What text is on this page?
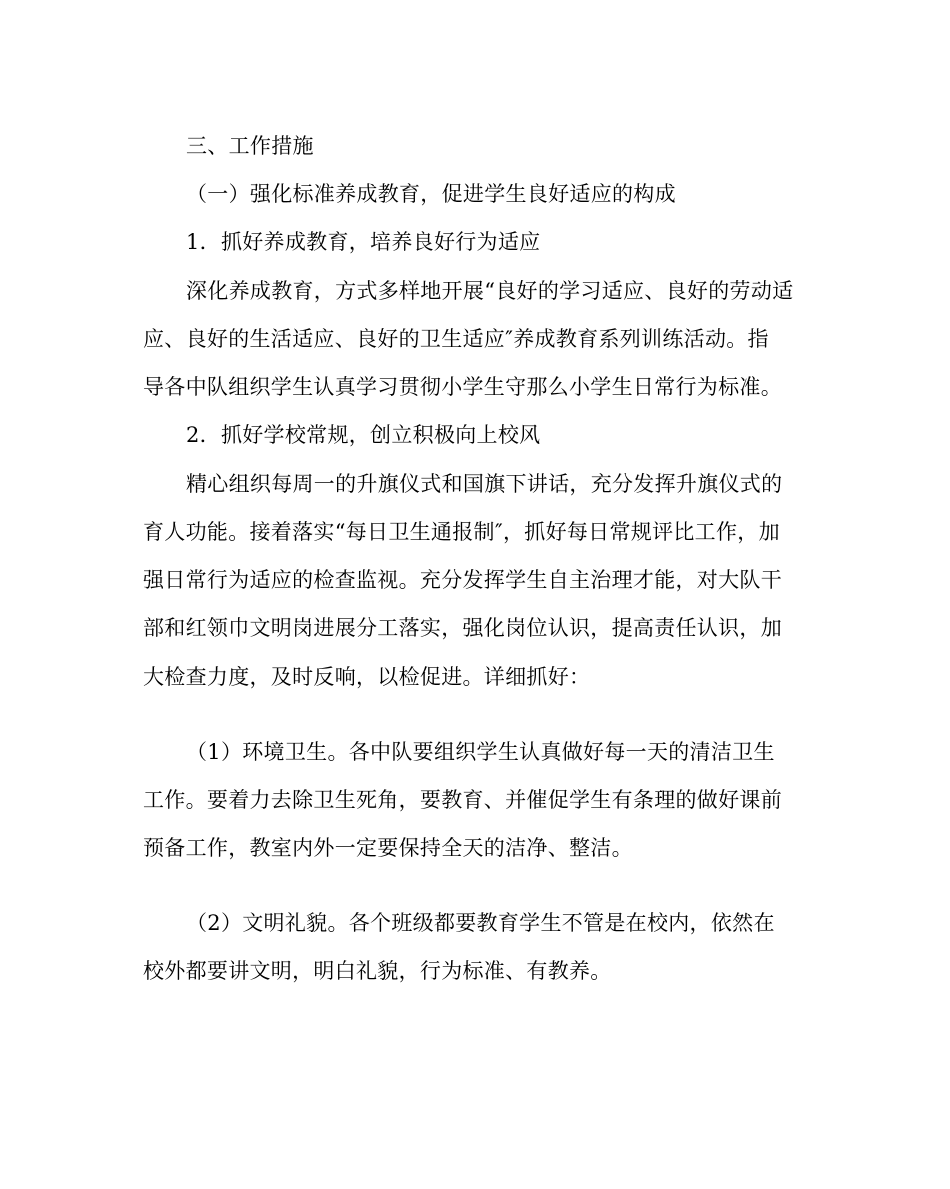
三、工作措施
（一）强化标准养成教育，促进学生良好适应的构成
1．抓好养成教育，培养良好行为适应
深化养成教育，方式多样地开展“良好的学习适应、良好的劳动适
应、良好的生活适应、良好的卫生适应″养成教育系列训练活动。指
导各中队组织学生认真学习贯彻小学生守那么小学生日常行为标准。
2．抓好学校常规，创立积极向上校风
精心组织每周一的升旗仪式和国旗下讲话，充分发挥升旗仪式的
育人功能。接着落实“每日卫生通报制″，抓好每日常规评比工作，加
强日常行为适应的检查监视。充分发挥学生自主治理才能，对大队干
部和红领巾文明岗进展分工落实，强化岗位认识，提高责任认识，加
大检查力度，及时反响，以检促进。详细抓好：
（1）环境卫生。各中队要组织学生认真做好每一天的清洁卫生
工作。要着力去除卫生死角，要教育、并催促学生有条理的做好课前
预备工作，教室内外一定要保持全天的洁净、整洁。
（2）文明礼貌。各个班级都要教育学生不管是在校内，依然在
校外都要讲文明，明白礼貌，行为标准、有教养。
